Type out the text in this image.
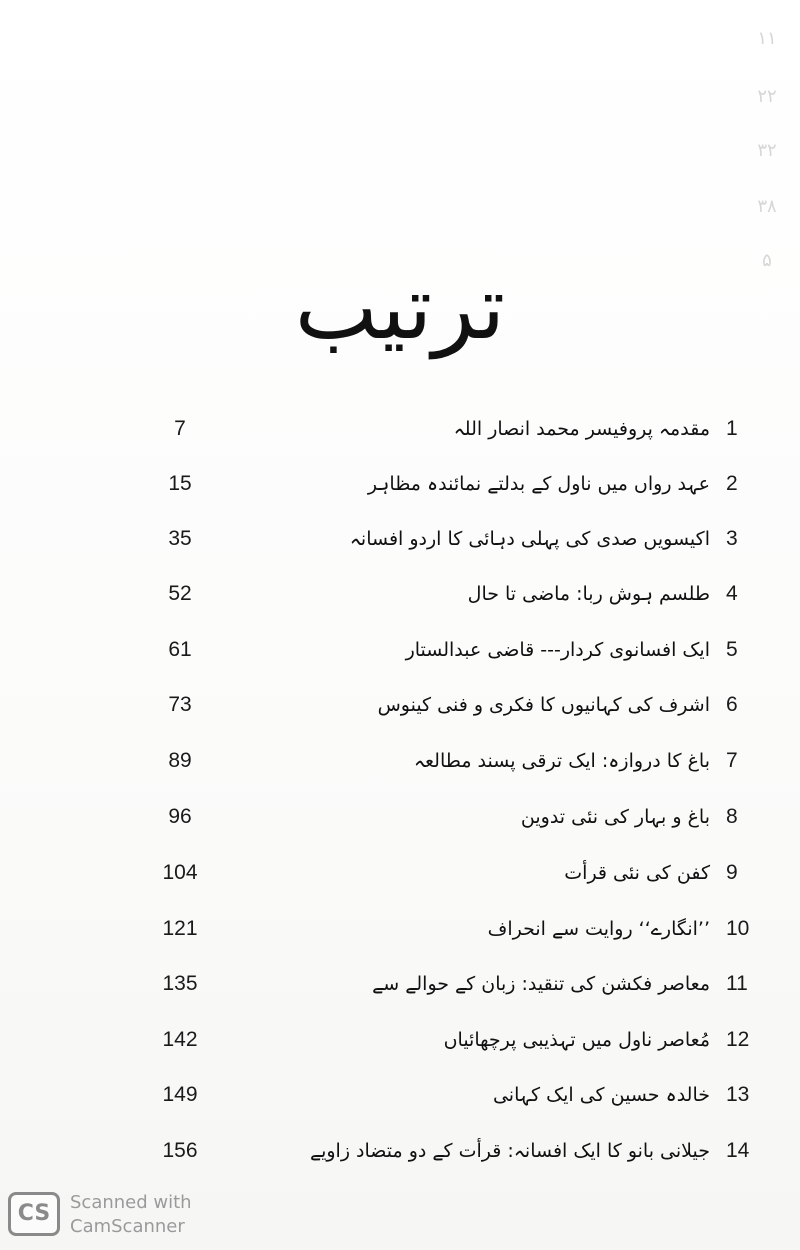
۱۱
۲۲
۳۲
۳۸
۵
ترتیب
1
مقدمہ پروفیسر محمد انصار اللہ
7
2
عہد رواں میں ناول کے بدلتے نمائندہ مظاہر
15
3
اکیسویں صدی کی پہلی دہائی کا اردو افسانہ
35
4
طلسم ہوش ربا: ماضی تا حال
52
5
ایک افسانوی کردار--- قاضی عبدالستار
61
6
اشرف کی کہانیوں کا فکری و فنی کینوس
73
7
باغ کا دروازہ: ایک ترقی پسند مطالعہ
89
8
باغ و بہار کی نئی تدوین
96
9
کفن کی نئی قرأت
104
10
’’انگارے‘‘ روایت سے انحراف
121
11
معاصر فکشن کی تنقید: زبان کے حوالے سے
135
12
مُعاصر ناول میں تہذیبی پرچھائیاں
142
13
خالدہ حسین کی ایک کہانی
149
14
جیلانی بانو کا ایک افسانہ: قرأت کے دو متضاد زاویے
156
CS	Scanned with
CamScanner
